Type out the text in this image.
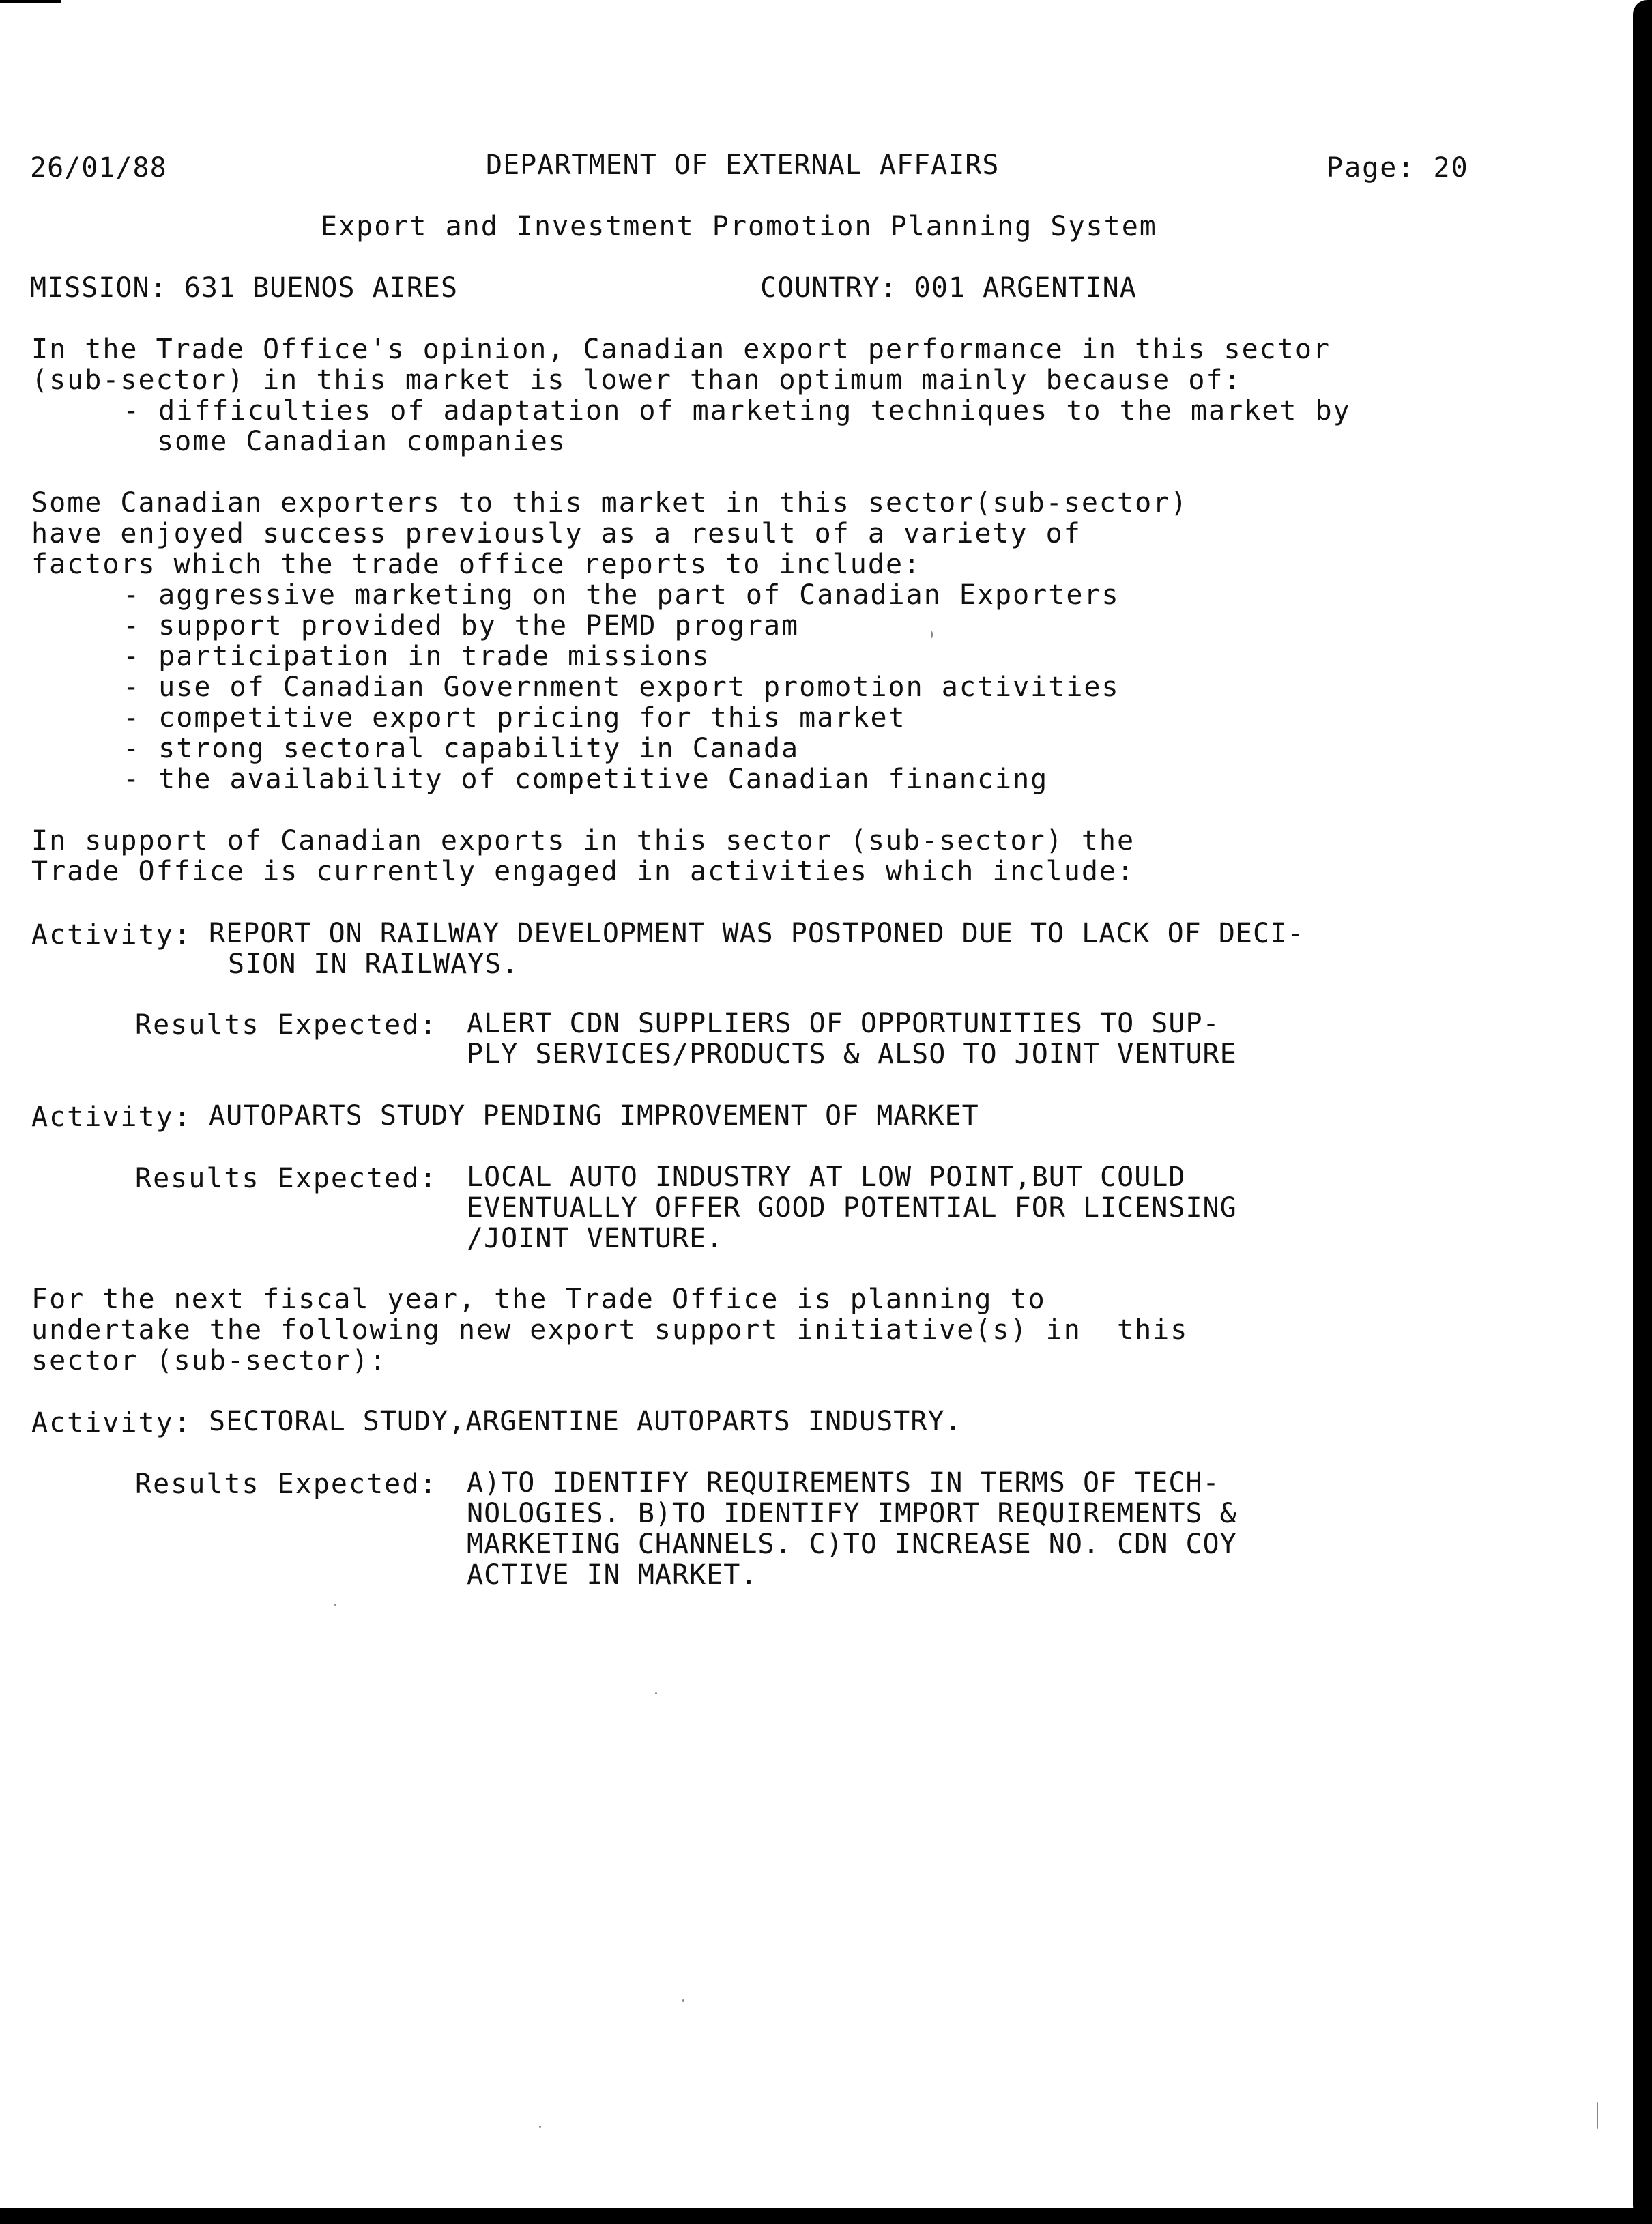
26/01/88	DEPARTMENT OF EXTERNAL AFFAIRS	Page: 20
Export and Investment Promotion Planning System
MISSION: 631 BUENOS AIRES	COUNTRY: 001 ARGENTINA
In the Trade Office's opinion, Canadian export performance in this sector
(sub-sector) in this market is lower than optimum mainly because of:
- difficulties of adaptation of marketing techniques to the market by
some Canadian companies
Some Canadian exporters to this market in this sector(sub-sector)
have enjoyed success previously as a result of a variety of
factors which the trade office reports to include:
- aggressive marketing on the part of Canadian Exporters
- support provided by the PEMD program
- participation in trade missions
- use of Canadian Government export promotion activities
- competitive export pricing for this market
- strong sectoral capability in Canada
- the availability of competitive Canadian financing
In support of Canadian exports in this sector (sub-sector) the
Trade Office is currently engaged in activities which include:
Activity: REPORT ON RAILWAY DEVELOPMENT WAS POSTPONED DUE TO LACK OF DECI-
SION IN RAILWAYS.
Results Expected: ALERT CDN SUPPLIERS OF OPPORTUNITIES TO SUP-
PLY SERVICES/PRODUCTS & ALSO TO JOINT VENTURE
Activity: AUTOPARTS STUDY PENDING IMPROVEMENT OF MARKET
Results Expected: LOCAL AUTO INDUSTRY AT LOW POINT,BUT COULD
EVENTUALLY OFFER GOOD POTENTIAL FOR LICENSING
/JOINT VENTURE.
For the next fiscal year, the Trade Office is planning to
undertake the following new export support initiative(s) in  this
sector (sub-sector):
Activity: SECTORAL STUDY,ARGENTINE AUTOPARTS INDUSTRY.
Results Expected: A)TO IDENTIFY REQUIREMENTS IN TERMS OF TECH-
NOLOGIES. B)TO IDENTIFY IMPORT REQUIREMENTS &
MARKETING CHANNELS. C)TO INCREASE NO. CDN COY
ACTIVE IN MARKET.
